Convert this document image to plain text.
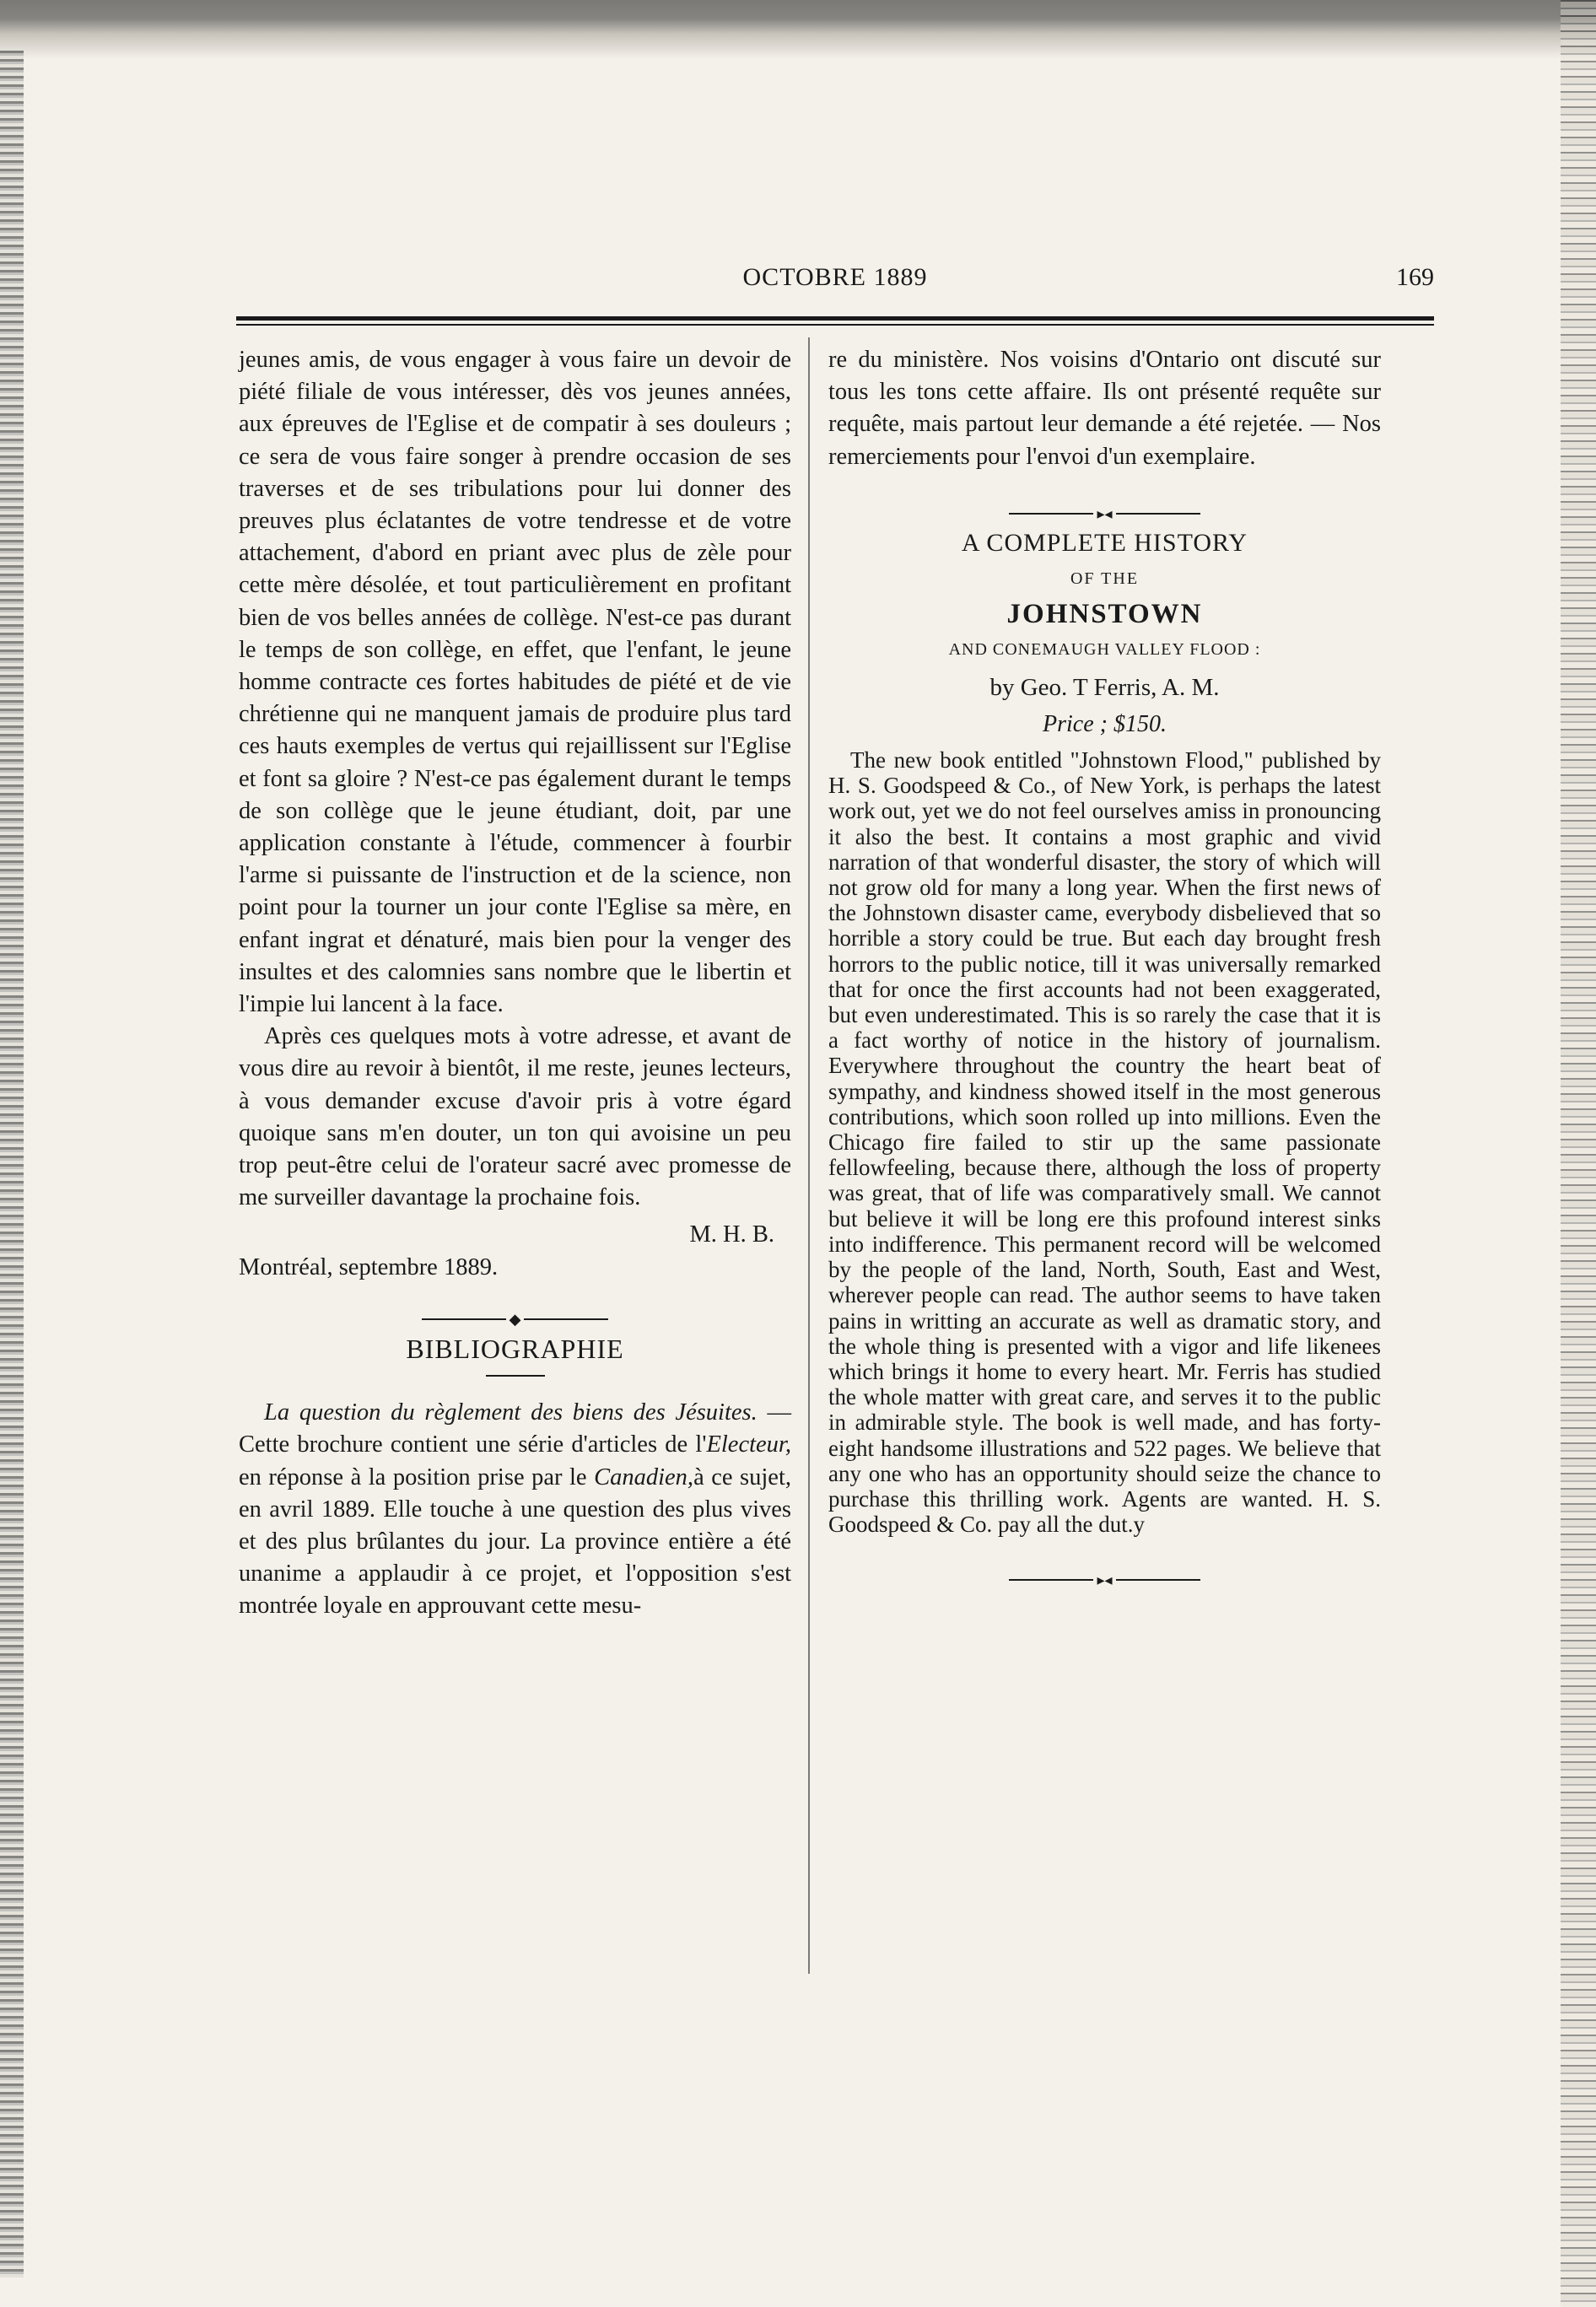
OCTOBRE 1889	169

jeunes amis, de vous engager à vous faire un devoir de piété filiale de vous intéresser, dès vos jeunes années, aux épreuves de l'Eglise et de compatir à ses douleurs ; ce sera de vous faire songer à prendre occasion de ses traverses et de ses tribulations pour lui donner des preuves plus éclatantes de votre tendresse et de votre attachement, d'abord en priant avec plus de zèle pour cette mère désolée, et tout particulièrement en profitant bien de vos belles années de collège. N'est-ce pas durant le temps de son collège, en effet, que l'enfant, le jeune homme contracte ces fortes habitudes de piété et de vie chrétienne qui ne manquent jamais de produire plus tard ces hauts exemples de vertus qui rejaillissent sur l'Eglise et font sa gloire ? N'est-ce pas également durant le temps de son collège que le jeune étudiant, doit, par une application constante à l'étude, commencer à fourbir l'arme si puissante de l'instruction et de la science, non point pour la tourner un jour conte l'Eglise sa mère, en enfant ingrat et dénaturé, mais bien pour la venger des insultes et des calomnies sans nombre que le libertin et l'impie lui lancent à la face.

Après ces quelques mots à votre adresse, et avant de vous dire au revoir à bientôt, il me reste, jeunes lecteurs, à vous demander excuse d'avoir pris à votre égard quoique sans m'en douter, un ton qui avoisine un peu trop peut-être celui de l'orateur sacré avec promesse de me surveiller davantage la prochaine fois.

M. H. B.

Montréal, septembre 1889.

◆
BIBLIOGRAPHIE

La question du règlement des biens des Jésuites. — Cette brochure contient une série d'articles de l'Electeur, en réponse à la position prise par le Canadien,à ce sujet, en avril 1889. Elle touche à une question des plus vives et des plus brûlantes du jour. La province entière a été unanime a applaudir à ce projet, et l'opposition s'est montrée loyale en approuvant cette mesu-

re du ministère. Nos voisins d'Ontario ont discuté sur tous les tons cette affaire. Ils ont présenté requête sur requête, mais partout leur demande a été rejetée. — Nos remerciements pour l'envoi d'un exemplaire.

▸◂
A COMPLETE HISTORY
OF THE
JOHNSTOWN
AND CONEMAUGH VALLEY FLOOD :
by Geo. T Ferris, A. M.
Price ; $150.

The new book entitled "Johnstown Flood," published by H. S. Goodspeed & Co., of New York, is perhaps the latest work out, yet we do not feel ourselves amiss in pronouncing it also the best. It contains a most graphic and vivid narration of that wonderful disaster, the story of which will not grow old for many a long year. When the first news of the Johnstown disaster came, everybody disbelieved that so horrible a story could be true. But each day brought fresh horrors to the public notice, till it was universally remarked that for once the first accounts had not been exaggerated, but even underestimated. This is so rarely the case that it is a fact worthy of notice in the history of journalism. Everywhere throughout the country the heart beat of sympathy, and kindness showed itself in the most generous contributions, which soon rolled up into millions. Even the Chicago fire failed to stir up the same passionate fellowfeeling, because there, although the loss of property was great, that of life was comparatively small. We cannot but believe it will be long ere this profound interest sinks into indifference. This permanent record will be welcomed by the people of the land, North, South, East and West, wherever people can read. The author seems to have taken pains in writting an accurate as well as dramatic story, and the whole thing is presented with a vigor and life likenees which brings it home to every heart. Mr. Ferris has studied the whole matter with great care, and serves it to the public in admirable style. The book is well made, and has forty-eight handsome illustrations and 522 pages. We believe that any one who has an opportunity should seize the chance to purchase this thrilling work. Agents are wanted. H. S. Goodspeed & Co. pay all the dut.y

▸◂
